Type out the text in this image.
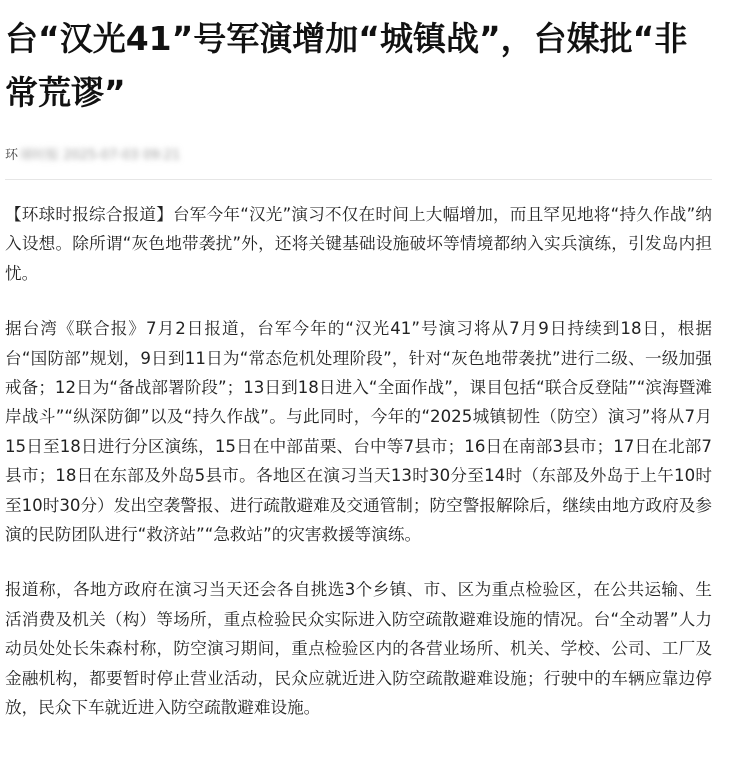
台“汉光41”号军演增加“城镇战”，台媒批“非常荒谬”
环 球时报 2025-07-03 09:21

【环球时报综合报道】台军今年“汉光”演习不仅在时间上大幅增加，而且罕见地将“持久作战”纳入设想。除所谓“灰色地带袭扰”外，还将关键基础设施破坏等情境都纳入实兵演练，引发岛内担忧。

据台湾《联合报》7月2日报道，台军今年的“汉光41”号演习将从7月9日持续到18日，根据台“国防部”规划，9日到11日为“常态危机处理阶段”，针对“灰色地带袭扰”进行二级、一级加强戒备；12日为“备战部署阶段”；13日到18日进入“全面作战”，课目包括“联合反登陆”“滨海暨滩岸战斗”“纵深防御”以及“持久作战”。与此同时，今年的“2025城镇韧性（防空）演习”将从7月15日至18日进行分区演练，15日在中部苗栗、台中等7县市；16日在南部3县市；17日在北部7县市；18日在东部及外岛5县市。各地区在演习当天13时30分至14时（东部及外岛于上午10时至10时30分）发出空袭警报、进行疏散避难及交通管制；防空警报解除后，继续由地方政府及参演的民防团队进行“救济站”“急救站”的灾害救援等演练。

报道称，各地方政府在演习当天还会各自挑选3个乡镇、市、区为重点检验区，在公共运输、生活消费及机关（构）等场所，重点检验民众实际进入防空疏散避难设施的情况。台“全动署”人力动员处处长朱森村称，防空演习期间，重点检验区内的各营业场所、机关、学校、公司、工厂及金融机构，都要暂时停止营业活动，民众应就近进入防空疏散避难设施；行驶中的车辆应靠边停放，民众下车就近进入防空疏散避难设施。
